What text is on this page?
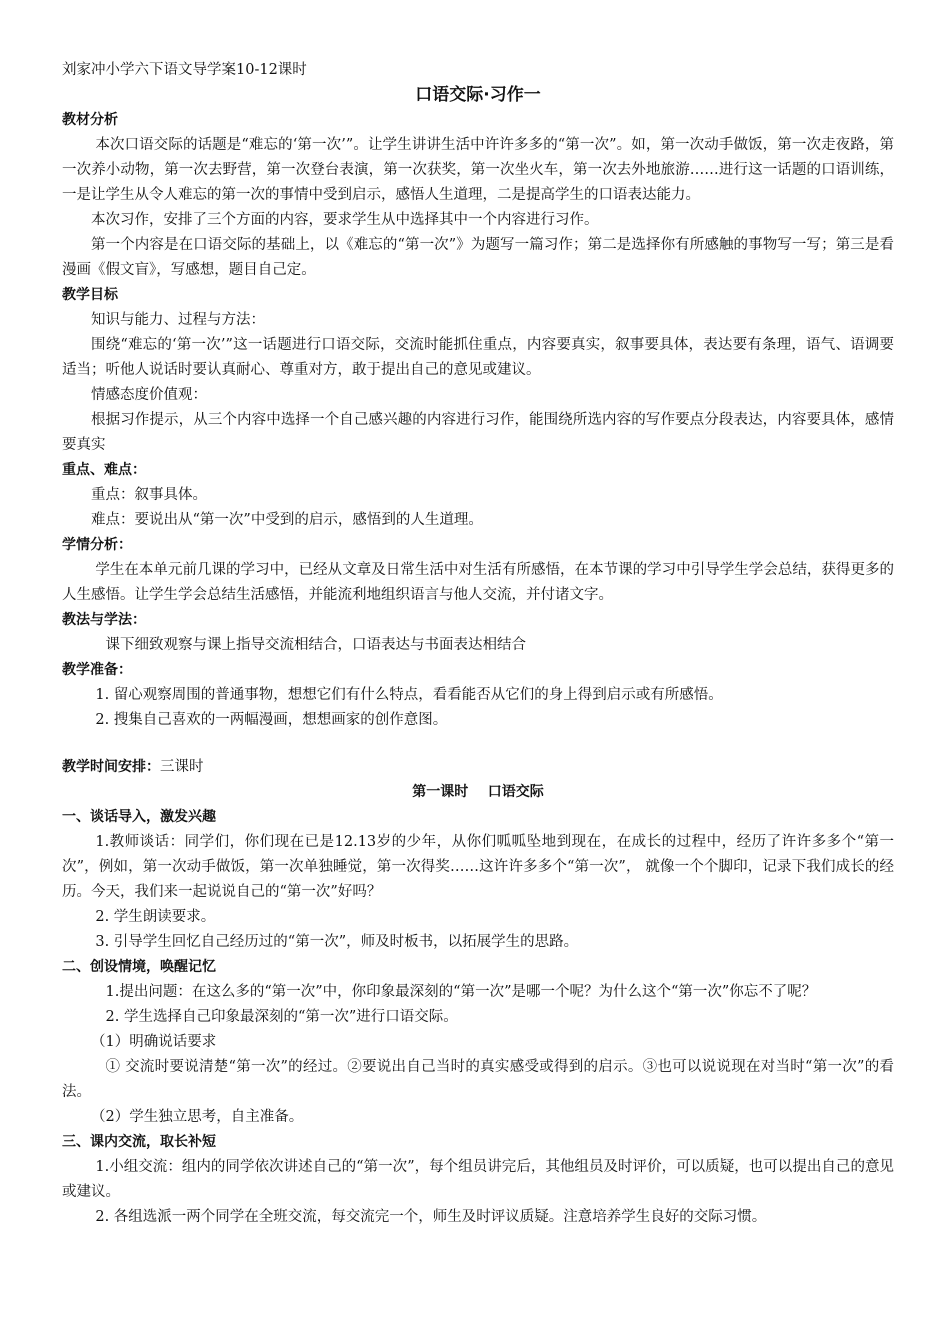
刘家冲小学六下语文导学案10-12课时

口语交际·习作一

教材分析

本次口语交际的话题是“难忘的‘第一次’”。让学生讲讲生活中许许多多的“第一次”。如，第一次动手做饭，第一次走夜路，第一次养小动物，第一次去野营，第一次登台表演，第一次获奖，第一次坐火车，第一次去外地旅游……进行这一话题的口语训练，一是让学生从令人难忘的第一次的事情中受到启示，感悟人生道理，二是提高学生的口语表达能力。

本次习作，安排了三个方面的内容，要求学生从中选择其中一个内容进行习作。

第一个内容是在口语交际的基础上，以《难忘的“第一次”》为题写一篇习作；第二是选择你有所感触的事物写一写；第三是看漫画《假文盲》，写感想，题目自己定。

教学目标

知识与能力、过程与方法：

围绕“难忘的‘第一次’”这一话题进行口语交际，交流时能抓住重点，内容要真实，叙事要具体，表达要有条理，语气、语调要适当；听他人说话时要认真耐心、尊重对方，敢于提出自己的意见或建议。

情感态度价值观：

根据习作提示，从三个内容中选择一个自己感兴趣的内容进行习作，能围绕所选内容的写作要点分段表达，内容要具体，感情要真实

重点、难点：

重点：叙事具体。

难点：要说出从“第一次”中受到的启示，感悟到的人生道理。

学情分析：

学生在本单元前几课的学习中，已经从文章及日常生活中对生活有所感悟，在本节课的学习中引导学生学会总结，获得更多的人生感悟。让学生学会总结生活感悟，并能流利地组织语言与他人交流，并付诸文字。

教法与学法：

课下细致观察与课上指导交流相结合，口语表达与书面表达相结合

教学准备：

1. 留心观察周围的普通事物，想想它们有什么特点，看看能否从它们的身上得到启示或有所感悟。

2. 搜集自己喜欢的一两幅漫画，想想画家的创作意图。

教学时间安排：三课时

第一课时    口语交际

一、谈话导入，激发兴趣

1.教师谈话：同学们，你们现在已是12.13岁的少年，从你们呱呱坠地到现在，在成长的过程中，经历了许许多多个“第一次”，例如，第一次动手做饭，第一次单独睡觉，第一次得奖……这许许多多个“第一次”， 就像一个个脚印，记录下我们成长的经历。今天，我们来一起说说自己的“第一次”好吗？

2. 学生朗读要求。

3. 引导学生回忆自己经历过的“第一次”，师及时板书，以拓展学生的思路。

二、创设情境，唤醒记忆

1.提出问题：在这么多的“第一次”中，你印象最深刻的“第一次”是哪一个呢？为什么这个“第一次”你忘不了呢？

2. 学生选择自己印象最深刻的“第一次”进行口语交际。

（1）明确说话要求

① 交流时要说清楚“第一次”的经过。②要说出自己当时的真实感受或得到的启示。③也可以说说现在对当时“第一次”的看法。

（2）学生独立思考，自主准备。

三、课内交流，取长补短

1.小组交流：组内的同学依次讲述自己的“第一次”，每个组员讲完后，其他组员及时评价，可以质疑，也可以提出自己的意见或建议。

2. 各组选派一两个同学在全班交流，每交流完一个，师生及时评议质疑。注意培养学生良好的交际习惯。
